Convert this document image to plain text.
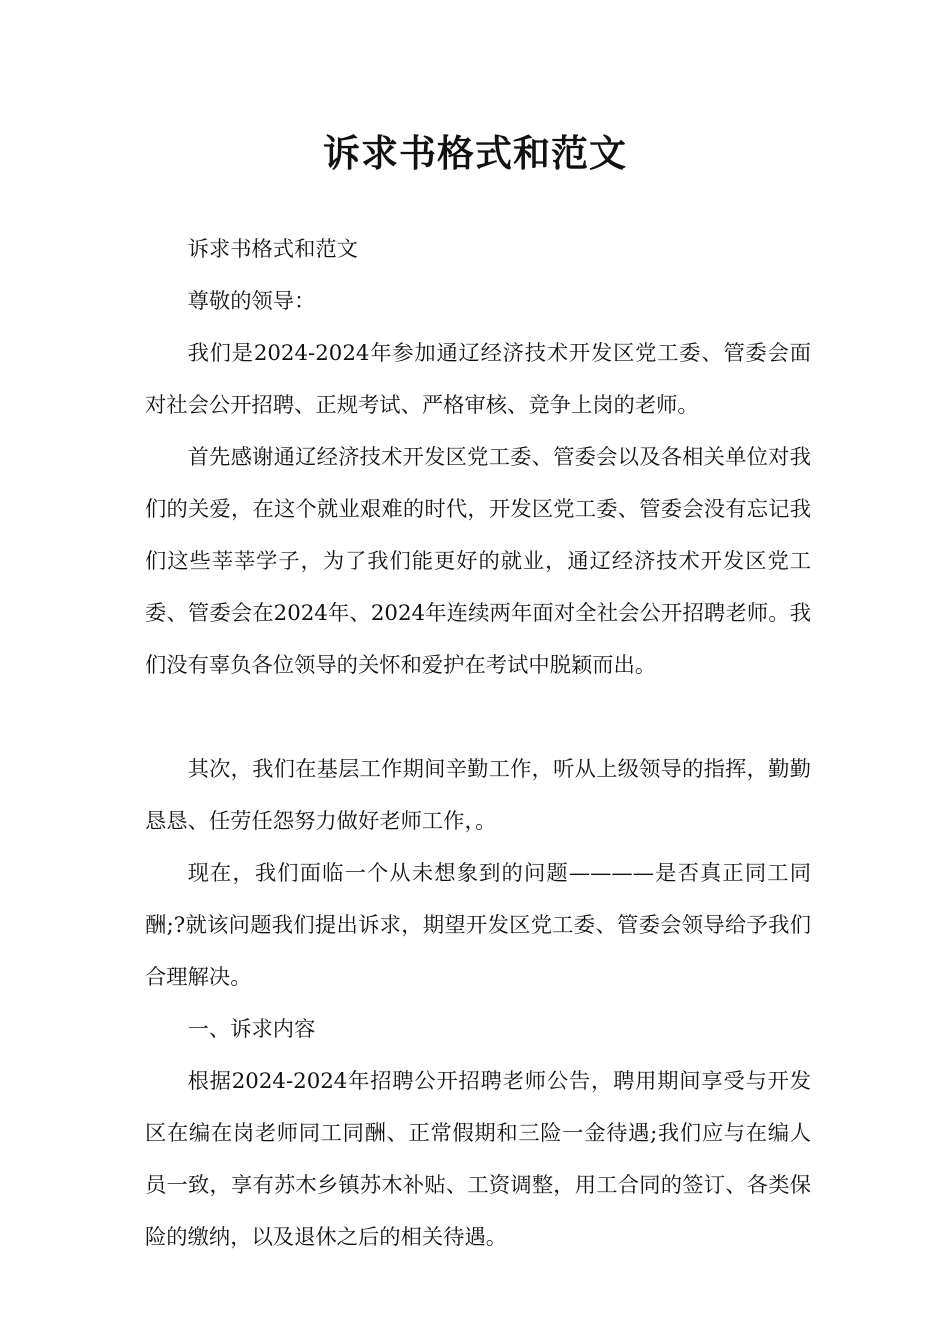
诉求书格式和范文

诉求书格式和范文

尊敬的领导：

我们是2024-2024年参加通辽经济技术开发区党工委、管委会面对社会公开招聘、正规考试、严格审核、竞争上岗的老师。

首先感谢通辽经济技术开发区党工委、管委会以及各相关单位对我们的关爱，在这个就业艰难的时代，开发区党工委、管委会没有忘记我们这些莘莘学子，为了我们能更好的就业，通辽经济技术开发区党工委、管委会在2024年、2024年连续两年面对全社会公开招聘老师。我们没有辜负各位领导的关怀和爱护在考试中脱颖而出。

其次，我们在基层工作期间辛勤工作，听从上级领导的指挥，勤勤恳恳、任劳任怨努力做好老师工作，。

现在，我们面临一个从未想象到的问题————是否真正同工同酬;?就该问题我们提出诉求，期望开发区党工委、管委会领导给予我们合理解决。

一、诉求内容

根据2024-2024年招聘公开招聘老师公告，聘用期间享受与开发区在编在岗老师同工同酬、正常假期和三险一金待遇;我们应与在编人员一致，享有苏木乡镇苏木补贴、工资调整，用工合同的签订、各类保险的缴纳，以及退休之后的相关待遇。
